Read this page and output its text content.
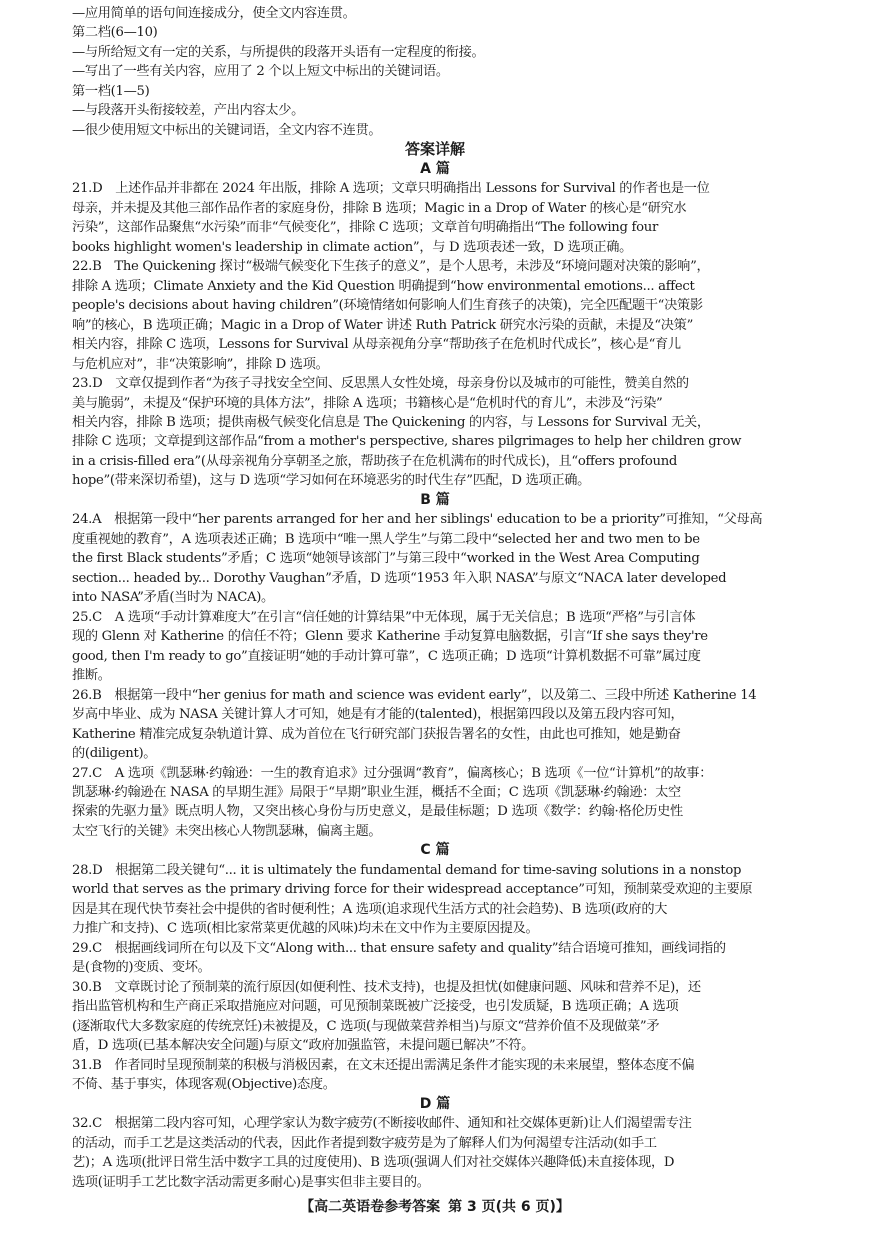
—应用简单的语句间连接成分，使全文内容连贯。
第二档(6—10)
—与所给短文有一定的关系，与所提供的段落开头语有一定程度的衔接。
—写出了一些有关内容，应用了 2 个以上短文中标出的关键词语。
第一档(1—5)
—与段落开头衔接较差，产出内容太少。
—很少使用短文中标出的关键词语，全文内容不连贯。
答案详解
A 篇
21.D　上述作品并非都在 2024 年出版，排除 A 选项；文章只明确指出 Lessons for Survival 的作者也是一位
母亲，并未提及其他三部作品作者的家庭身份，排除 B 选项；Magic in a Drop of Water 的核心是“研究水
污染”，这部作品聚焦“水污染”而非“气候变化”，排除 C 选项；文章首句明确指出“The following four
books highlight women's leadership in climate action”，与 D 选项表述一致，D 选项正确。
22.B　The Quickening 探讨“极端气候变化下生孩子的意义”，是个人思考，未涉及“环境问题对决策的影响”，
排除 A 选项；Climate Anxiety and the Kid Question 明确提到“how environmental emotions... affect
people's decisions about having children”(环境情绪如何影响人们生育孩子的决策)，完全匹配题干“决策影
响”的核心，B 选项正确；Magic in a Drop of Water 讲述 Ruth Patrick 研究水污染的贡献，未提及“决策”
相关内容，排除 C 选项，Lessons for Survival 从母亲视角分享“帮助孩子在危机时代成长”，核心是“育儿
与危机应对”，非“决策影响”，排除 D 选项。
23.D　文章仅提到作者“为孩子寻找安全空间、反思黑人女性处境，母亲身份以及城市的可能性，赞美自然的
美与脆弱”，未提及“保护环境的具体方法”，排除 A 选项；书籍核心是“危机时代的育儿”，未涉及“污染”
相关内容，排除 B 选项；提供南极气候变化信息是 The Quickening 的内容，与 Lessons for Survival 无关，
排除 C 选项；文章提到这部作品“from a mother's perspective, shares pilgrimages to help her children grow
in a crisis-filled era”(从母亲视角分享朝圣之旅，帮助孩子在危机满布的时代成长)，且“offers profound
hope”(带来深切希望)，这与 D 选项“学习如何在环境恶劣的时代生存”匹配，D 选项正确。
B 篇
24.A　根据第一段中“her parents arranged for her and her siblings' education to be a priority”可推知，“父母高
度重视她的教育”，A 选项表述正确；B 选项中“唯一黑人学生”与第二段中“selected her and two men to be
the first Black students”矛盾；C 选项“她领导该部门”与第三段中“worked in the West Area Computing
section... headed by... Dorothy Vaughan”矛盾，D 选项“1953 年入职 NASA”与原文“NACA later developed
into NASA”矛盾(当时为 NACA)。
25.C　A 选项“手动计算难度大”在引言“信任她的计算结果”中无体现，属于无关信息；B 选项“严格”与引言体
现的 Glenn 对 Katherine 的信任不符；Glenn 要求 Katherine 手动复算电脑数据，引言“If she says they're
good, then I'm ready to go”直接证明“她的手动计算可靠”，C 选项正确；D 选项“计算机数据不可靠”属过度
推断。
26.B　根据第一段中“her genius for math and science was evident early”，以及第二、三段中所述 Katherine 14
岁高中毕业、成为 NASA 关键计算人才可知，她是有才能的(talented)，根据第四段以及第五段内容可知，
Katherine 精准完成复杂轨道计算、成为首位在飞行研究部门获报告署名的女性，由此也可推知，她是勤奋
的(diligent)。
27.C　A 选项《凯瑟琳·约翰逊：一生的教育追求》过分强调“教育”，偏离核心；B 选项《一位“计算机”的故事：
凯瑟琳·约翰逊在 NASA 的早期生涯》局限于“早期”职业生涯，概括不全面；C 选项《凯瑟琳·约翰逊：太空
探索的先驱力量》既点明人物，又突出核心身份与历史意义，是最佳标题；D 选项《数学：约翰·格伦历史性
太空飞行的关键》未突出核心人物凯瑟琳，偏离主题。
C 篇
28.D　根据第二段关键句“... it is ultimately the fundamental demand for time-saving solutions in a nonstop
world that serves as the primary driving force for their widespread acceptance”可知，预制菜受欢迎的主要原
因是其在现代快节奏社会中提供的省时便利性；A 选项(追求现代生活方式的社会趋势)、B 选项(政府的大
力推广和支持)、C 选项(相比家常菜更优越的风味)均未在文中作为主要原因提及。
29.C　根据画线词所在句以及下文“Along with... that ensure safety and quality”结合语境可推知，画线词指的
是(食物的)变质、变坏。
30.B　文章既讨论了预制菜的流行原因(如便利性、技术支持)，也提及担忧(如健康问题、风味和营养不足)，还
指出监管机构和生产商正采取措施应对问题，可见预制菜既被广泛接受，也引发质疑，B 选项正确；A 选项
(逐渐取代大多数家庭的传统烹饪)未被提及，C 选项(与现做菜营养相当)与原文“营养价值不及现做菜”矛
盾，D 选项(已基本解决安全问题)与原文“政府加强监管，未提问题已解决”不符。
31.B　作者同时呈现预制菜的积极与消极因素，在文末还提出需满足条件才能实现的未来展望，整体态度不偏
不倚、基于事实，体现客观(Objective)态度。
D 篇
32.C　根据第二段内容可知，心理学家认为数字疲劳(不断接收邮件、通知和社交媒体更新)让人们渴望需专注
的活动，而手工艺是这类活动的代表，因此作者提到数字疲劳是为了解释人们为何渴望专注活动(如手工
艺)；A 选项(批评日常生活中数字工具的过度使用)、B 选项(强调人们对社交媒体兴趣降低)未直接体现，D
选项(证明手工艺比数字活动需更多耐心)是事实但非主要目的。
【高二英语卷参考答案 第 3 页(共 6 页)】
